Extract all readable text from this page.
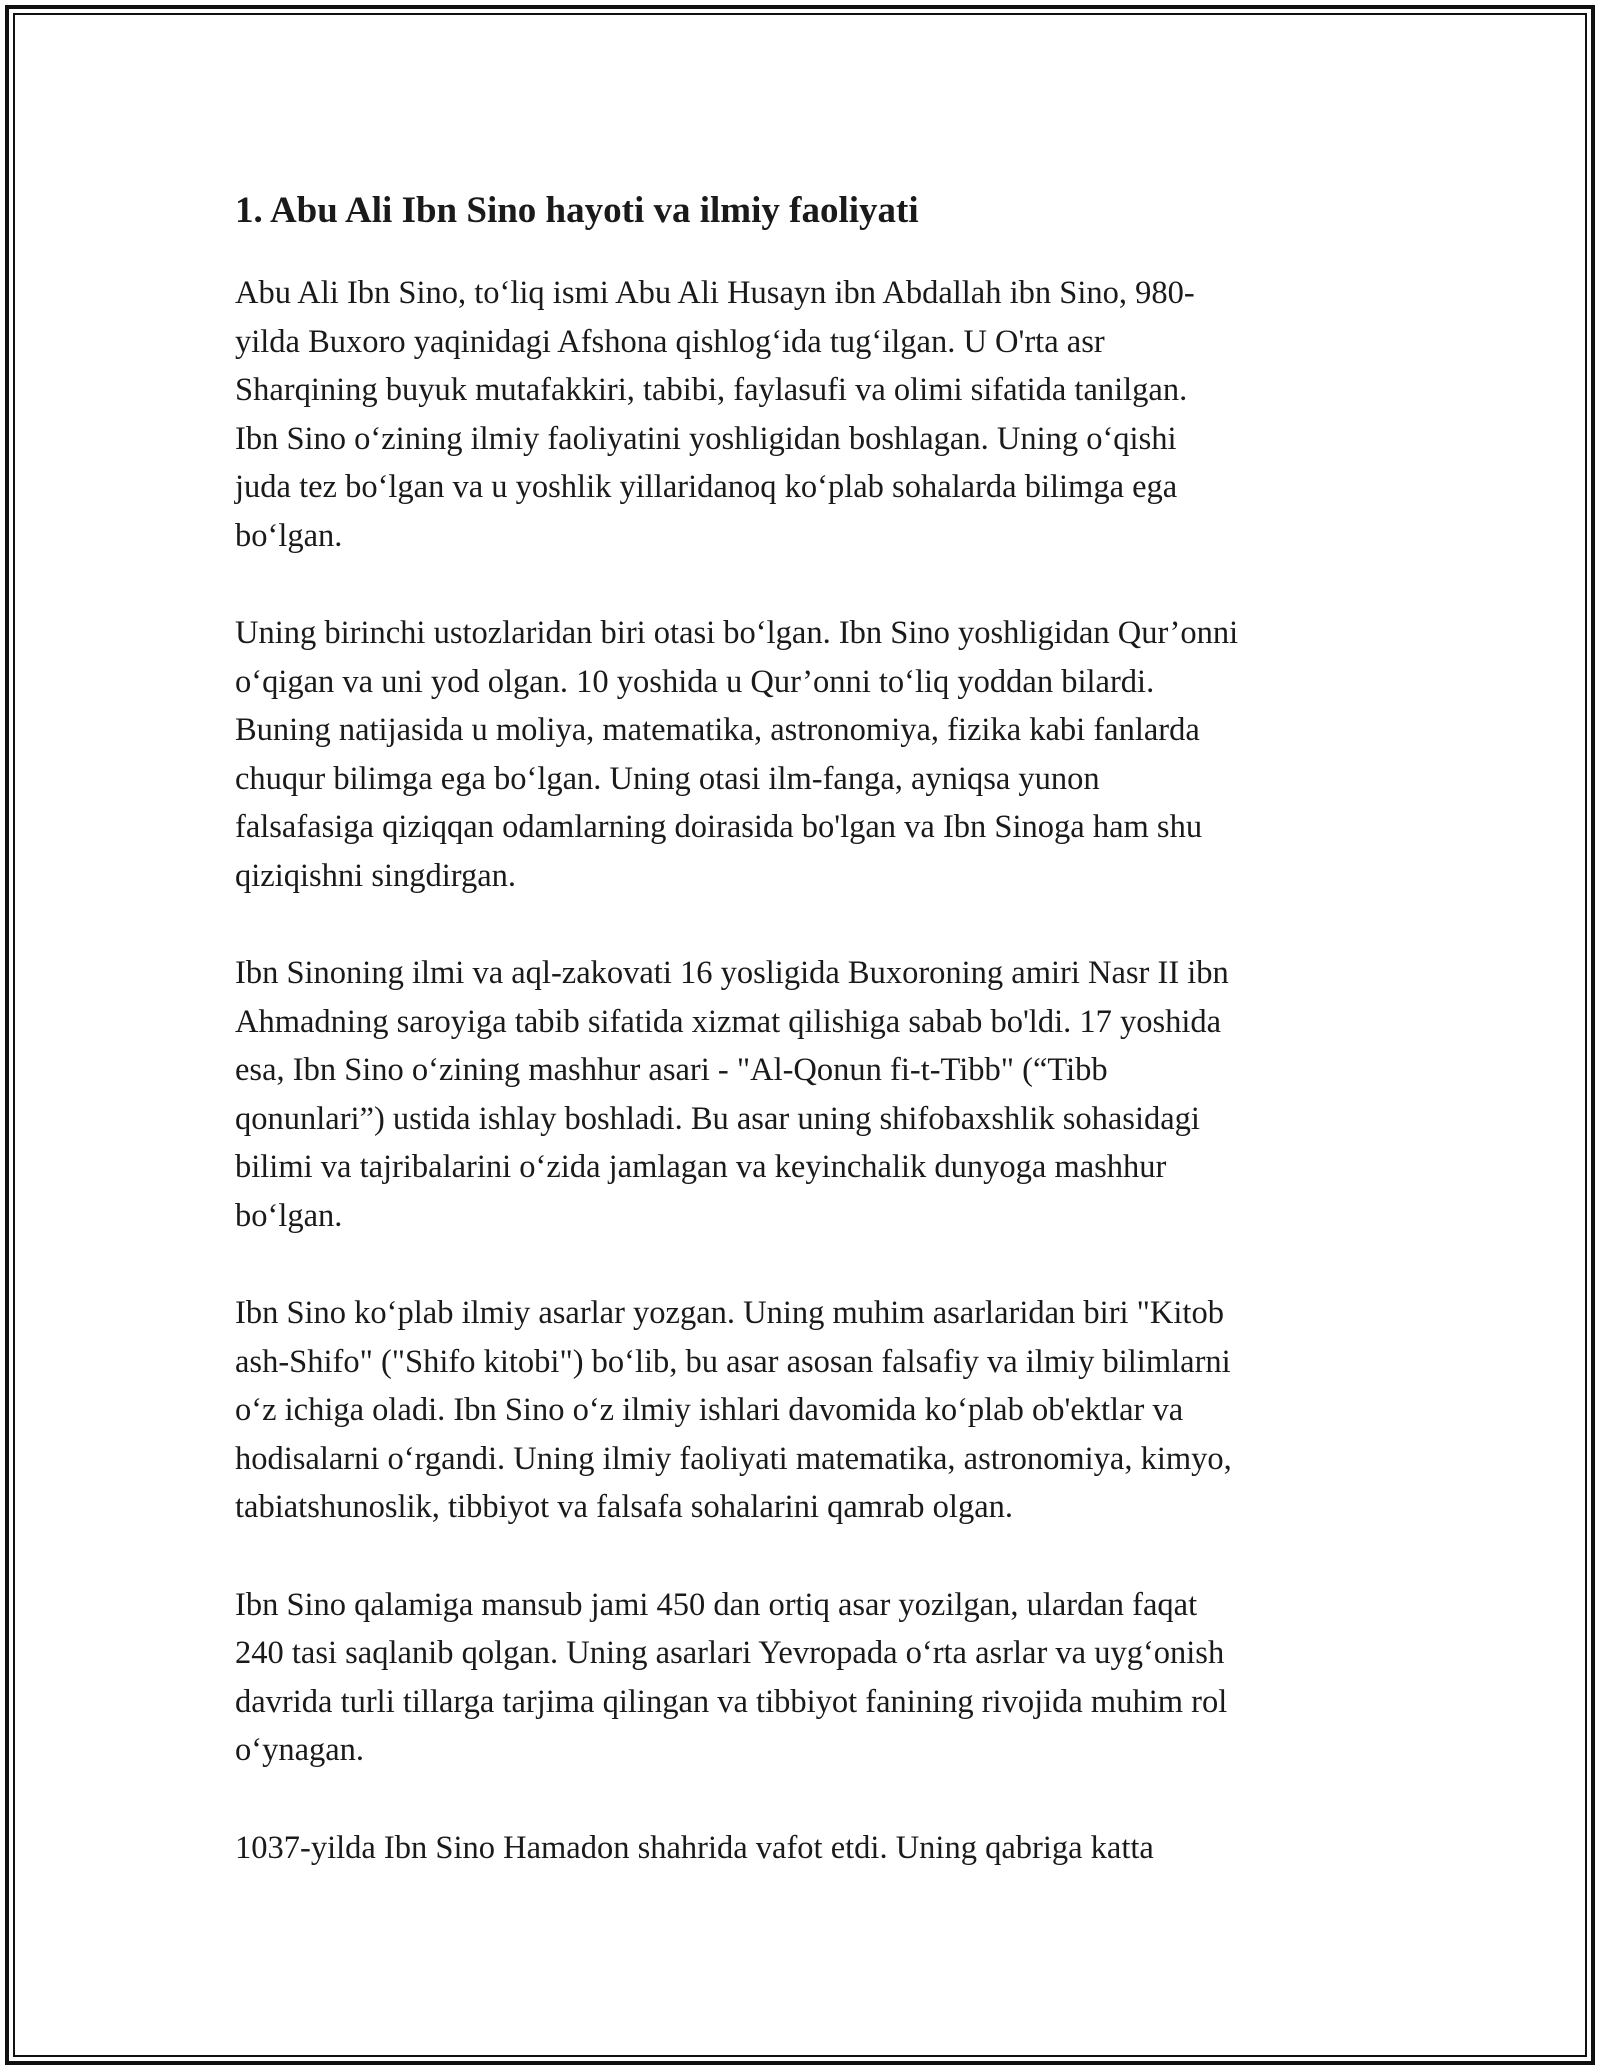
1. Abu Ali Ibn Sino hayoti va ilmiy faoliyati

Abu Ali Ibn Sino, to‘liq ismi Abu Ali Husayn ibn Abdallah ibn Sino, 980-
yilda Buxoro yaqinidagi Afshona qishlog‘ida tug‘ilgan. U O'rta asr
Sharqining buyuk mutafakkiri, tabibi, faylasufi va olimi sifatida tanilgan.
Ibn Sino o‘zining ilmiy faoliyatini yoshligidan boshlagan. Uning o‘qishi
juda tez bo‘lgan va u yoshlik yillaridanoq ko‘plab sohalarda bilimga ega
bo‘lgan.

Uning birinchi ustozlaridan biri otasi bo‘lgan. Ibn Sino yoshligidan Qur’onni
o‘qigan va uni yod olgan. 10 yoshida u Qur’onni to‘liq yoddan bilardi.
Buning natijasida u moliya, matematika, astronomiya, fizika kabi fanlarda
chuqur bilimga ega bo‘lgan. Uning otasi ilm-fanga, ayniqsa yunon
falsafasiga qiziqqan odamlarning doirasida bo'lgan va Ibn Sinoga ham shu
qiziqishni singdirgan.

Ibn Sinoning ilmi va aql-zakovati 16 yosligida Buxoroning amiri Nasr II ibn
Ahmadning saroyiga tabib sifatida xizmat qilishiga sabab bo'ldi. 17 yoshida
esa, Ibn Sino o‘zining mashhur asari - "Al-Qonun fi-t-Tibb" (“Tibb
qonunlari”) ustida ishlay boshladi. Bu asar uning shifobaxshlik sohasidagi
bilimi va tajribalarini o‘zida jamlagan va keyinchalik dunyoga mashhur
bo‘lgan.

Ibn Sino ko‘plab ilmiy asarlar yozgan. Uning muhim asarlaridan biri "Kitob
ash-Shifo" ("Shifo kitobi") bo‘lib, bu asar asosan falsafiy va ilmiy bilimlarni
o‘z ichiga oladi. Ibn Sino o‘z ilmiy ishlari davomida ko‘plab ob'ektlar va
hodisalarni o‘rgandi. Uning ilmiy faoliyati matematika, astronomiya, kimyo,
tabiatshunoslik, tibbiyot va falsafa sohalarini qamrab olgan.

Ibn Sino qalamiga mansub jami 450 dan ortiq asar yozilgan, ulardan faqat
240 tasi saqlanib qolgan. Uning asarlari Yevropada o‘rta asrlar va uyg‘onish
davrida turli tillarga tarjima qilingan va tibbiyot fanining rivojida muhim rol
o‘ynagan.

1037-yilda Ibn Sino Hamadon shahrida vafot etdi. Uning qabriga katta
